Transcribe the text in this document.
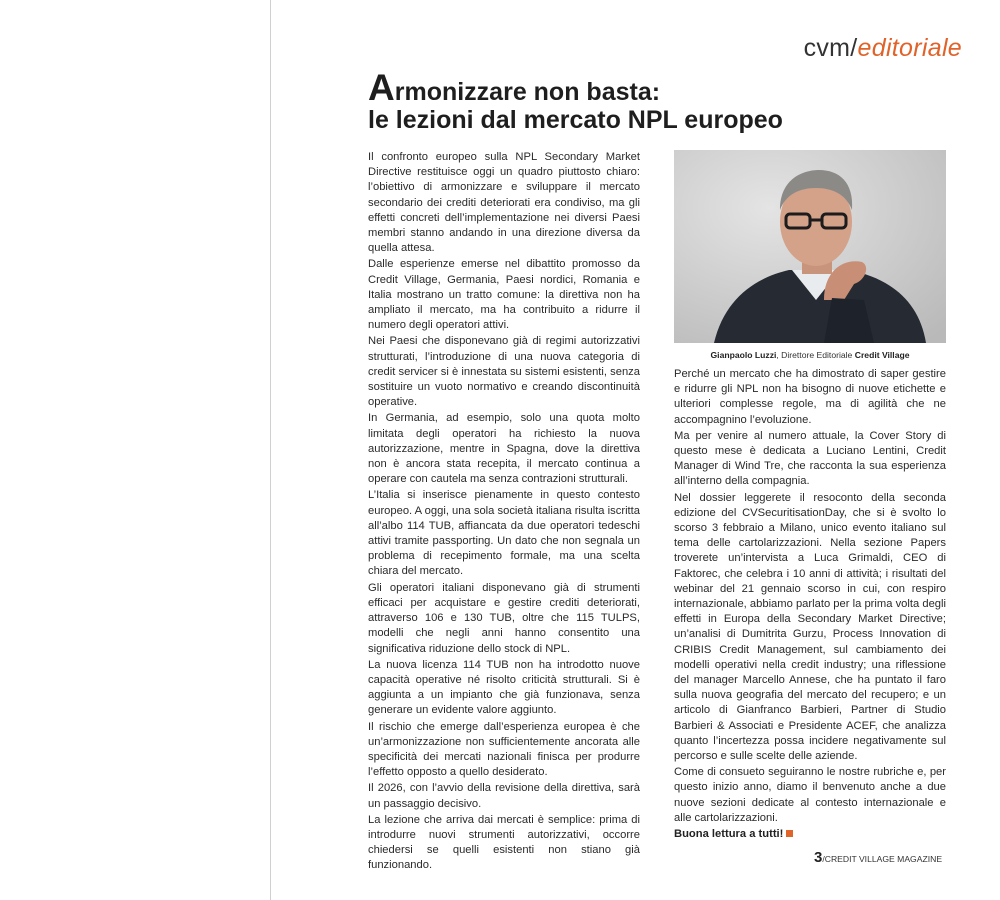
cvm/editoriale
Armonizzare non basta:
le lezioni dal mercato NPL europeo

Il confronto europeo sulla NPL Secondary Market Directive restituisce oggi un quadro piuttosto chiaro: l’obiettivo di armonizzare e sviluppare il mercato secondario dei crediti deteriorati era condiviso, ma gli effetti concreti dell’implementazione nei diversi Paesi membri stanno andando in una direzione diversa da quella attesa.

Dalle esperienze emerse nel dibattito promosso da Credit Village, Germania, Paesi nordici, Romania e Italia mostrano un tratto comune: la direttiva non ha ampliato il mercato, ma ha contribuito a ridurre il numero degli operatori attivi.

Nei Paesi che disponevano già di regimi autorizzativi strutturati, l’introduzione di una nuova categoria di credit servicer si è innestata su sistemi esistenti, senza sostituire un vuoto normativo e creando discontinuità operative.

In Germania, ad esempio, solo una quota molto limitata degli operatori ha richiesto la nuova autorizzazione, mentre in Spagna, dove la direttiva non è ancora stata recepita, il mercato continua a operare con cautela ma senza contrazioni strutturali.

L’Italia si inserisce pienamente in questo contesto europeo. A oggi, una sola società italiana risulta iscritta all’albo 114 TUB, affiancata da due operatori tedeschi attivi tramite passporting. Un dato che non segnala un problema di recepimento formale, ma una scelta chiara del mercato.

Gli operatori italiani disponevano già di strumenti efficaci per acquistare e gestire crediti deteriorati, attraverso 106 e 130 TUB, oltre che 115 TULPS, modelli che negli anni hanno consentito una significativa riduzione dello stock di NPL.

La nuova licenza 114 TUB non ha introdotto nuove capacità operative né risolto criticità strutturali. Si è aggiunta a un impianto che già funzionava, senza generare un evidente valore aggiunto.

Il rischio che emerge dall’esperienza europea è che un’armonizzazione non sufficientemente ancorata alle specificità dei mercati nazionali finisca per produrre l’effetto opposto a quello desiderato.

Il 2026, con l’avvio della revisione della direttiva, sarà un passaggio decisivo.

La lezione che arriva dai mercati è semplice: prima di introdurre nuovi strumenti autorizzativi, occorre chiedersi se quelli esistenti non stiano già funzionando.

Gianpaolo Luzzi, Direttore Editoriale Credit Village

Perché un mercato che ha dimostrato di saper gestire e ridurre gli NPL non ha bisogno di nuove etichette e ulteriori complesse regole, ma di agilità che ne accompagnino l’evoluzione.

Ma per venire al numero attuale, la Cover Story di questo mese è dedicata a Luciano Lentini, Credit Manager di Wind Tre, che racconta la sua esperienza all’interno della compagnia.

Nel dossier leggerete il resoconto della seconda edizione del CVSecuritisationDay, che si è svolto lo scorso 3 febbraio a Milano, unico evento italiano sul tema delle cartolarizzazioni. Nella sezione Papers troverete un’intervista a Luca Grimaldi, CEO di Faktorec, che celebra i 10 anni di attività; i risultati del webinar del 21 gennaio scorso in cui, con respiro internazionale, abbiamo parlato per la prima volta degli effetti in Europa della Secondary Market Directive; un’analisi di Dumitrita Gurzu, Process Innovation di CRIBIS Credit Management, sul cambiamento dei modelli operativi nella credit industry; una riflessione del manager Marcello Annese, che ha puntato il faro sulla nuova geografia del mercato del recupero; e un articolo di Gianfranco Barbieri, Partner di Studio Barbieri & Associati e Presidente ACEF, che analizza quanto l’incertezza possa incidere negativamente sul percorso e sulle scelte delle aziende.

Come di consueto seguiranno le nostre rubriche e, per questo inizio anno, diamo il benvenuto anche a due nuove sezioni dedicate al contesto internazionale e alle cartolarizzazioni.

Buona lettura a tutti!

3/CREDIT VILLAGE MAGAZINE
